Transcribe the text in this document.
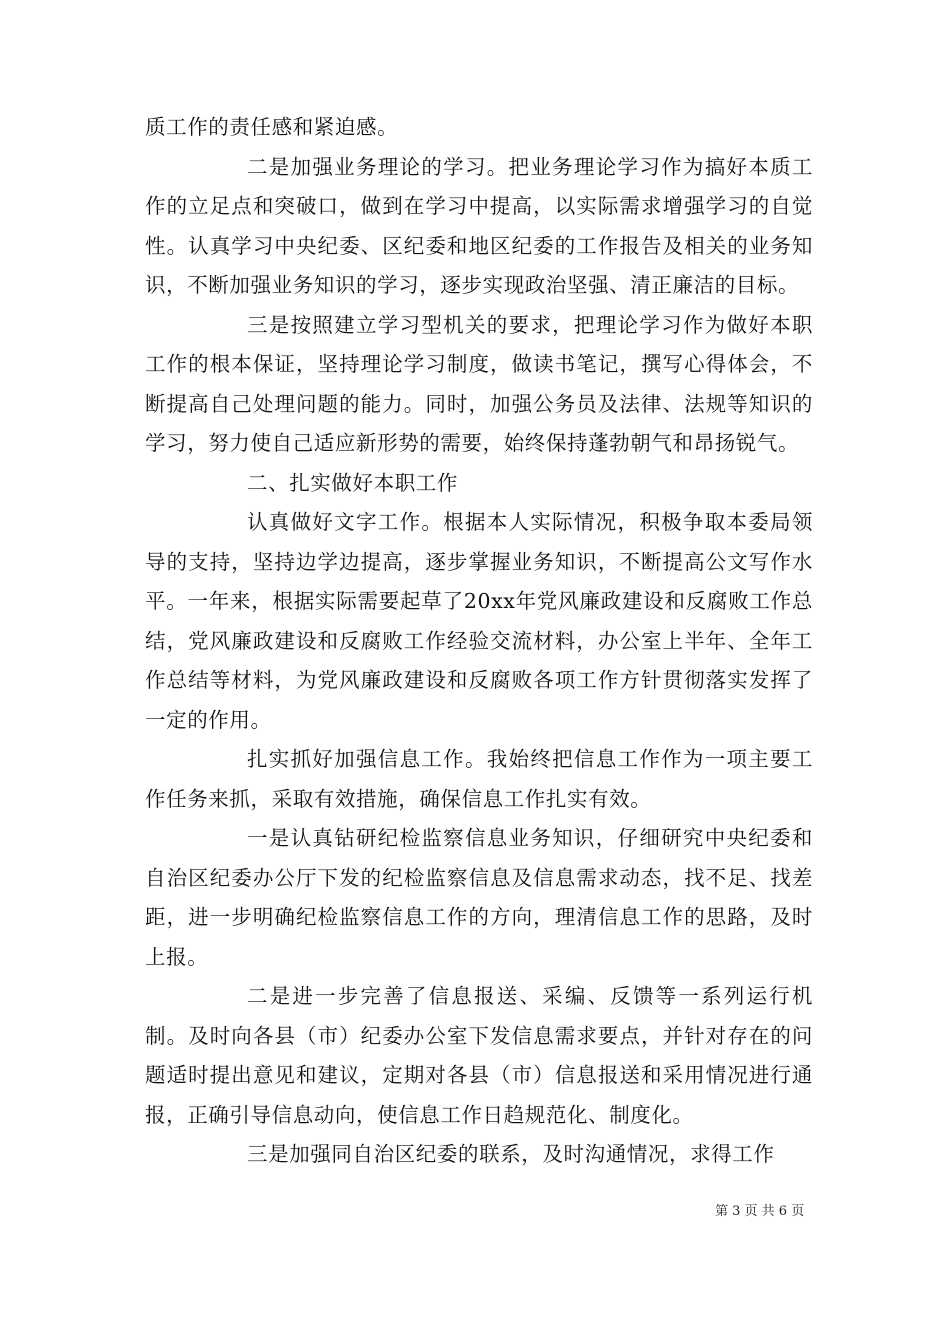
质工作的责任感和紧迫感。

二是加强业务理论的学习。把业务理论学习作为搞好本质工作的立足点和突破口，做到在学习中提高，以实际需求增强学习的自觉性。认真学习中央纪委、区纪委和地区纪委的工作报告及相关的业务知识，不断加强业务知识的学习，逐步实现政治坚强、清正廉洁的目标。

三是按照建立学习型机关的要求，把理论学习作为做好本职工作的根本保证，坚持理论学习制度，做读书笔记，撰写心得体会，不断提高自己处理问题的能力。同时，加强公务员及法律、法规等知识的学习，努力使自己适应新形势的需要，始终保持蓬勃朝气和昂扬锐气。

二、扎实做好本职工作

认真做好文字工作。根据本人实际情况，积极争取本委局领导的支持，坚持边学边提高，逐步掌握业务知识，不断提高公文写作水平。一年来，根据实际需要起草了20xx年党风廉政建设和反腐败工作总结，党风廉政建设和反腐败工作经验交流材料，办公室上半年、全年工作总结等材料，为党风廉政建设和反腐败各项工作方针贯彻落实发挥了一定的作用。

扎实抓好加强信息工作。我始终把信息工作作为一项主要工作任务来抓，采取有效措施，确保信息工作扎实有效。

一是认真钻研纪检监察信息业务知识，仔细研究中央纪委和自治区纪委办公厅下发的纪检监察信息及信息需求动态，找不足、找差距，进一步明确纪检监察信息工作的方向，理清信息工作的思路，及时上报。

二是进一步完善了信息报送、采编、反馈等一系列运行机制。及时向各县（市）纪委办公室下发信息需求要点，并针对存在的问题适时提出意见和建议，定期对各县（市）信息报送和采用情况进行通报，正确引导信息动向，使信息工作日趋规范化、制度化。

三是加强同自治区纪委的联系，及时沟通情况，求得工作

第 3 页 共 6 页
